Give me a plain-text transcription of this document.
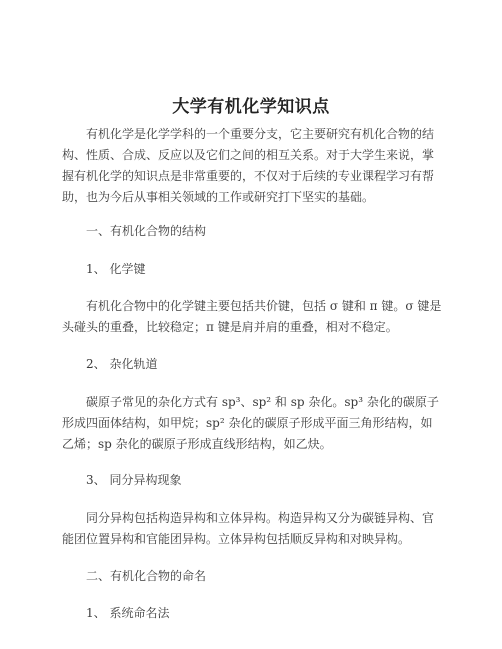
大学有机化学知识点
有机化学是化学学科的一个重要分支，它主要研究有机化合物的结构、性质、合成、反应以及它们之间的相互关系。对于大学生来说，掌握有机化学的知识点是非常重要的，不仅对于后续的专业课程学习有帮助，也为今后从事相关领域的工作或研究打下坚实的基础。
一、有机化合物的结构
1、 化学键
有机化合物中的化学键主要包括共价键，包括 σ 键和 π 键。σ 键是头碰头的重叠，比较稳定；π 键是肩并肩的重叠，相对不稳定。
2、 杂化轨道
碳原子常见的杂化方式有 sp³、sp² 和 sp 杂化。sp³ 杂化的碳原子形成四面体结构，如甲烷；sp² 杂化的碳原子形成平面三角形结构，如乙烯；sp 杂化的碳原子形成直线形结构，如乙炔。
3、 同分异构现象
同分异构包括构造异构和立体异构。构造异构又分为碳链异构、官能团位置异构和官能团异构。立体异构包括顺反异构和对映异构。
二、有机化合物的命名
1、 系统命名法
